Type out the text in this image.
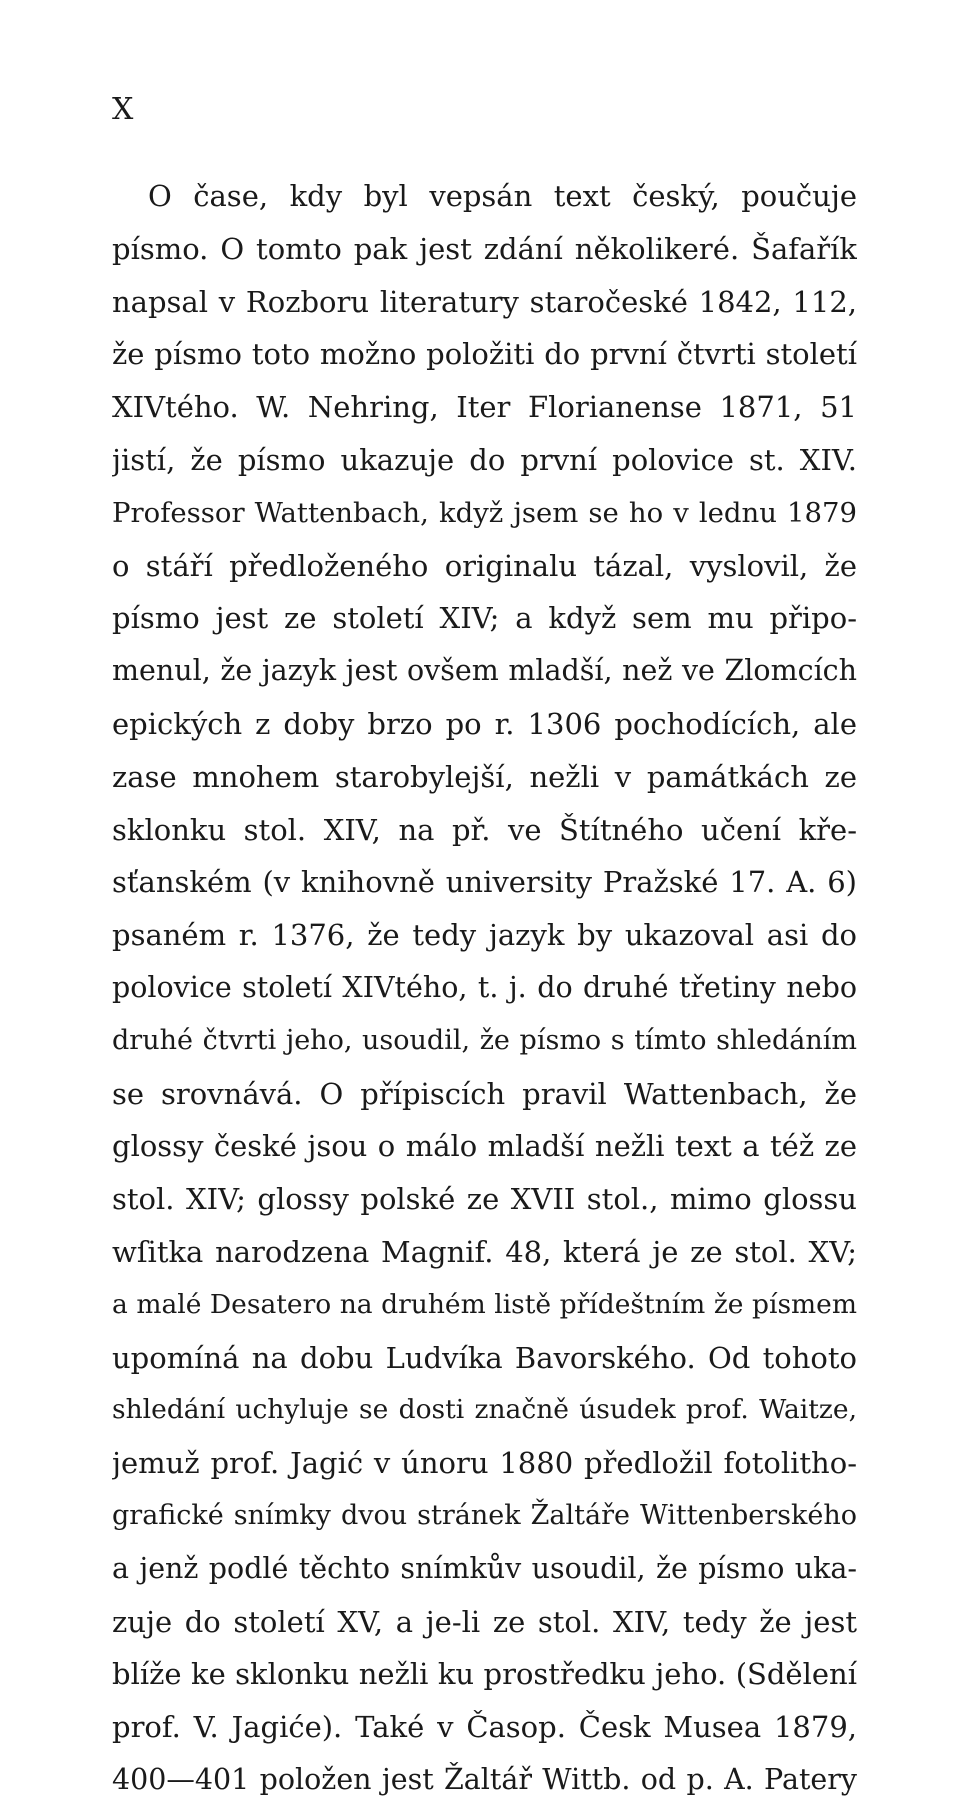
X
O čase, kdy byl vepsán text český, poučuje
písmo. O tomto pak jest zdání několikeré. Šafařík
napsal v Rozboru literatury staročeské 1842, 112,
že písmo toto možno položiti do první čtvrti století
XIVtého. W. Nehring, Iter Florianense 1871, 51
jistí, že písmo ukazuje do první polovice st. XIV.
Professor Wattenbach, když jsem se ho v lednu 1879
o stáří předloženého originalu tázal, vyslovil, že
písmo jest ze století XIV; a když sem mu připo-
menul, že jazyk jest ovšem mladší, než ve Zlomcích
epických z doby brzo po r. 1306 pochodících, ale
zase mnohem starobylejší, nežli v památkách ze
sklonku stol. XIV, na př. ve Štítného učení kře-
sťanském (v knihovně university Pražské 17. A. 6)
psaném r. 1376, že tedy jazyk by ukazoval asi do
polovice století XIVtého, t. j. do druhé třetiny nebo
druhé čtvrti jeho, usoudil, že písmo s tímto shledáním
se srovnává. O přípiscích pravil Wattenbach, že
glossy české jsou o málo mladší nežli text a též ze
stol. XIV; glossy polské ze XVII stol., mimo glossu
wſitka narodzena Magnif. 48, která je ze stol. XV;
a malé Desatero na druhém listě přídeštním že písmem
upomíná na dobu Ludvíka Bavorského. Od tohoto
shledání uchyluje se dosti značně úsudek prof. Waitze,
jemuž prof. Jagić v únoru 1880 předložil fotolitho-
grafické snímky dvou stránek Žaltáře Wittenberského
a jenž podlé těchto snímkův usoudil, že písmo uka-
zuje do století XV, a je-li ze stol. XIV, tedy že jest
blíže ke sklonku nežli ku prostředku jeho. (Sdělení
prof. V. Jagiće). Také v Časop. Česk Musea 1879,
400—401 položen jest Žaltář Wittb. od p. A. Patery
